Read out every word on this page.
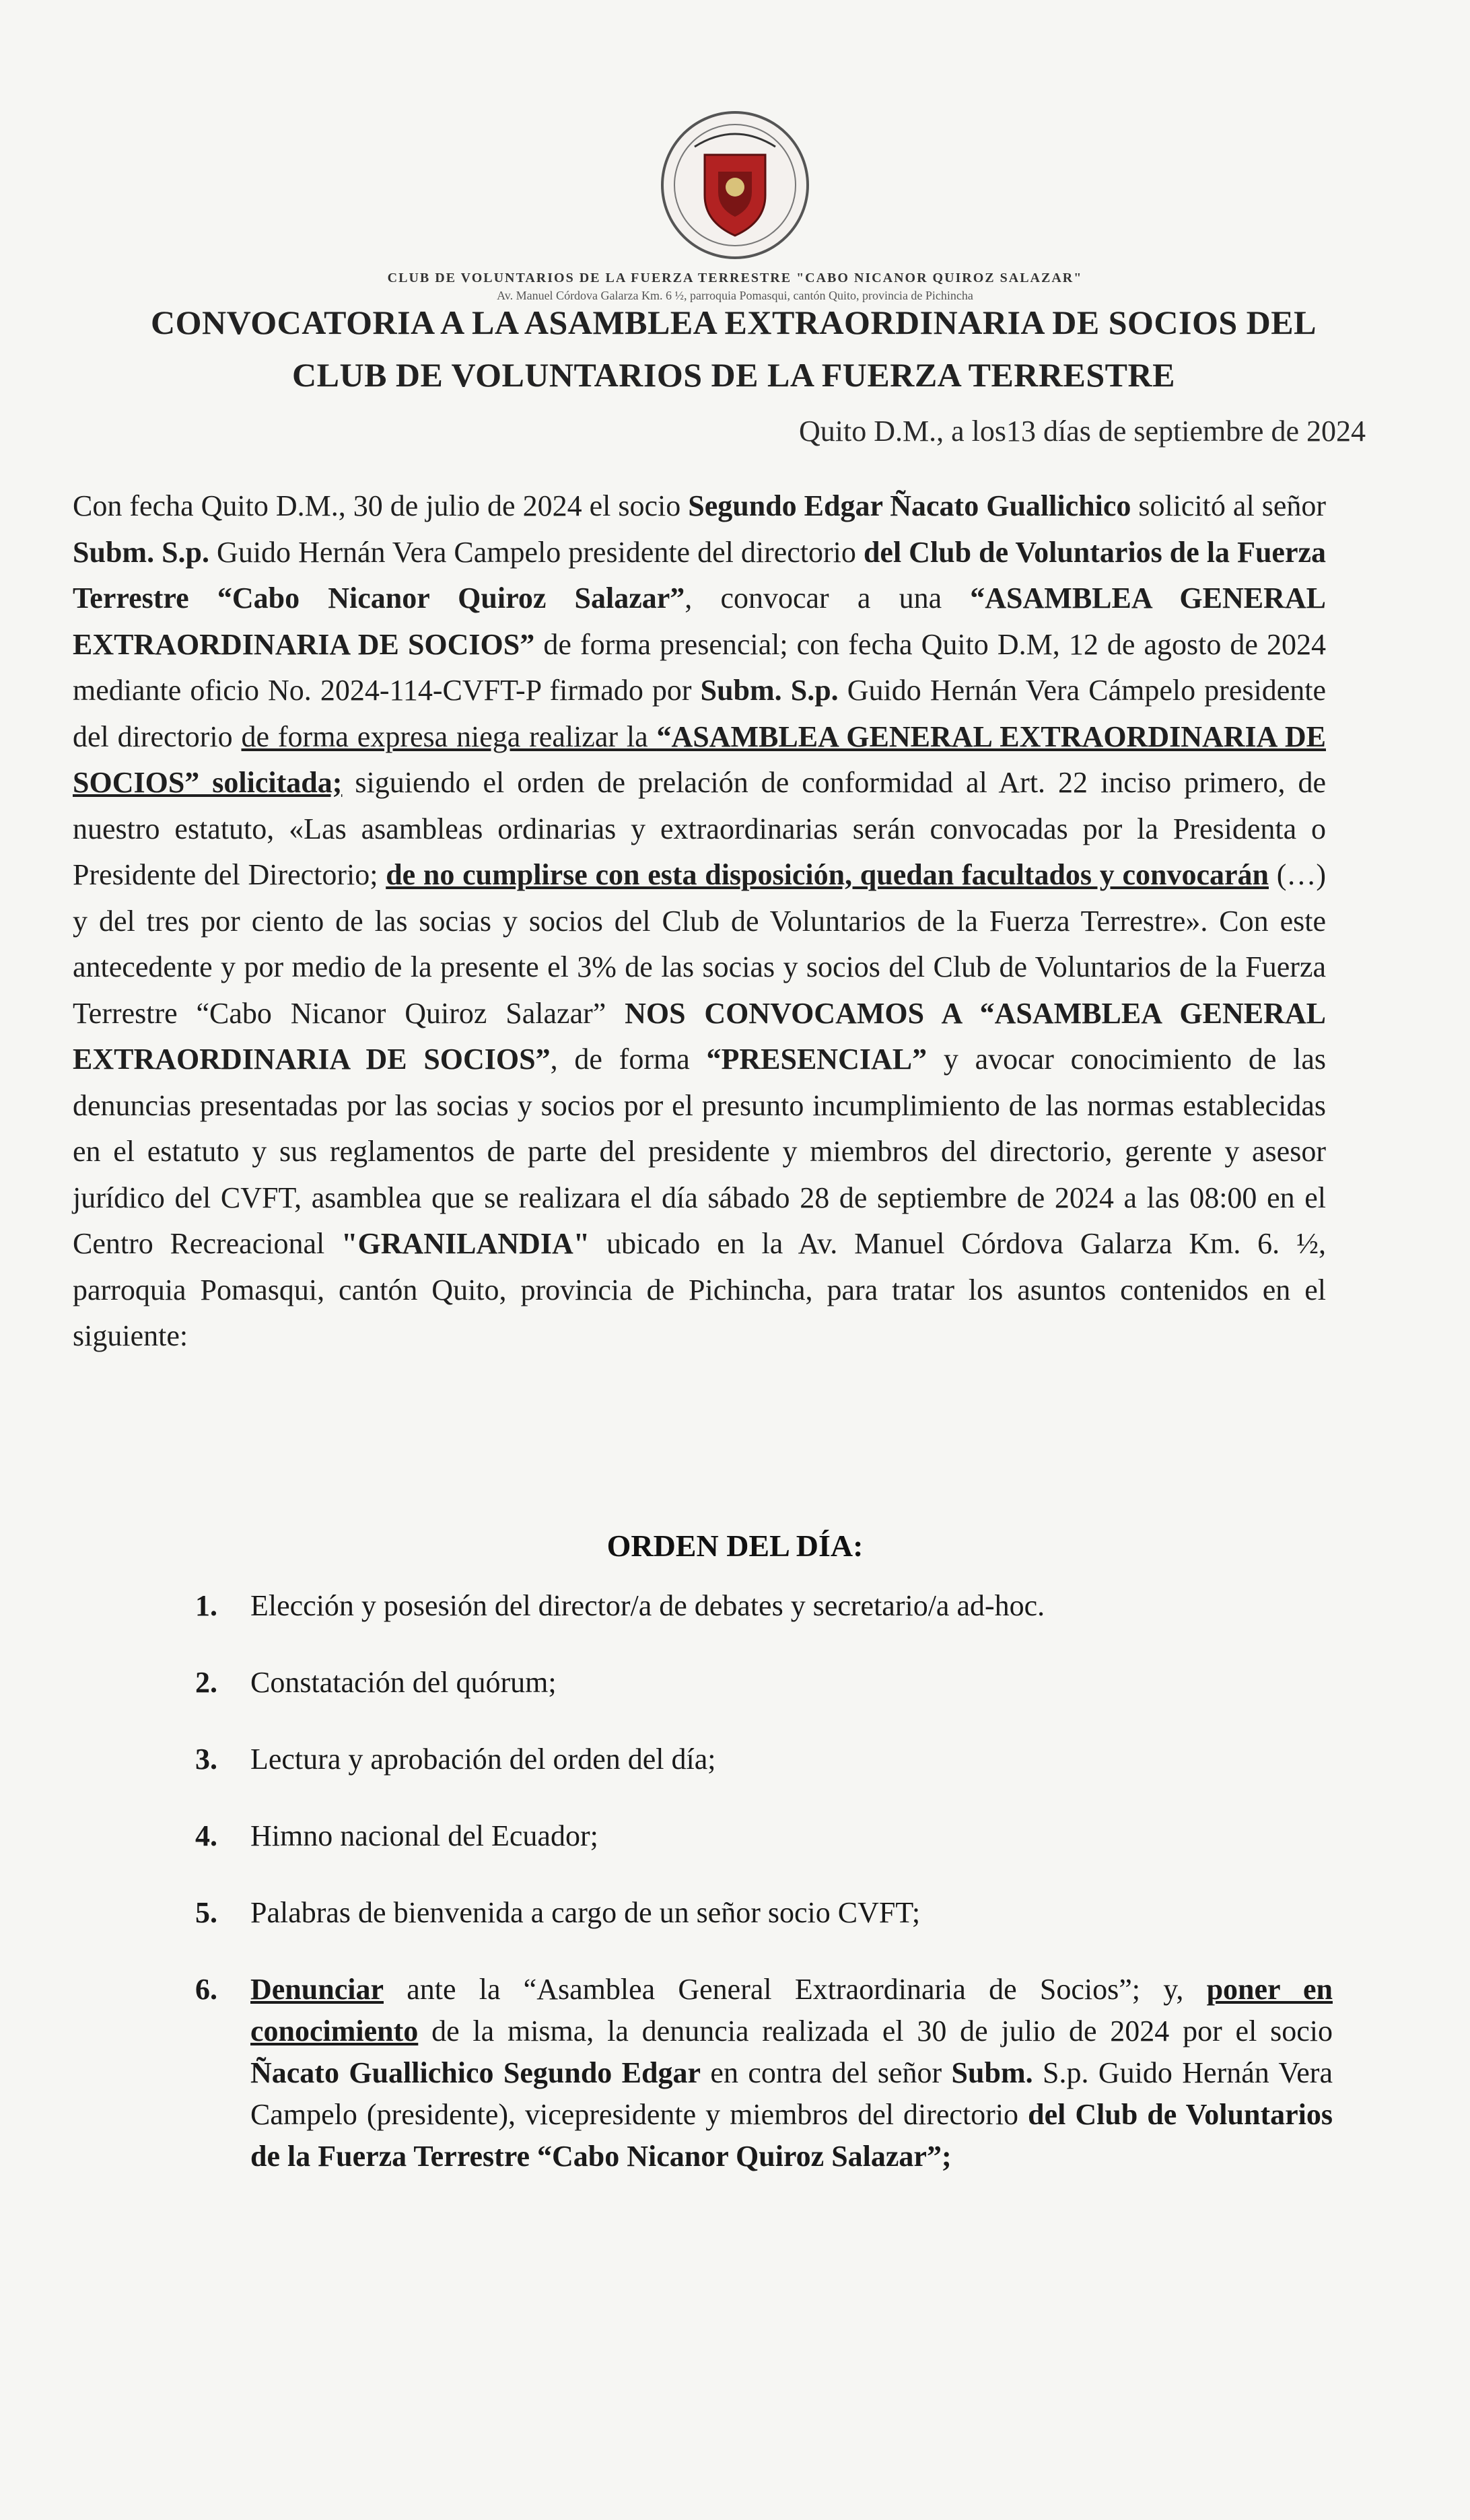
CLUB DE VOLUNTARIOS DE LA FUERZA TERRESTRE "CABO NICANOR QUIROZ SALAZAR"
Av. Manuel Córdova Galarza Km. 6 ½, parroquia Pomasqui, cantón Quito, provincia de Pichincha
CONVOCATORIA A LA ASAMBLEA EXTRAORDINARIA DE SOCIOS DEL
CLUB DE VOLUNTARIOS DE LA FUERZA TERRESTRE
Quito D.M., a los13 días de septiembre de 2024

Con fecha Quito D.M., 30 de julio de 2024 el socio Segundo Edgar Ñacato Guallichico solicitó al señor Subm. S.p. Guido Hernán Vera Campelo presidente del directorio del Club de Voluntarios de la Fuerza Terrestre “Cabo Nicanor Quiroz Salazar”, convocar a una “ASAMBLEA GENERAL EXTRAORDINARIA DE SOCIOS” de forma presencial; con fecha Quito D.M, 12 de agosto de 2024 mediante oficio No. 2024-114-CVFT-P firmado por Subm. S.p. Guido Hernán Vera Cámpelo presidente del directorio de forma expresa niega realizar la “ASAMBLEA GENERAL EXTRAORDINARIA DE SOCIOS” solicitada; siguiendo el orden de prelación de conformidad al Art. 22 inciso primero, de nuestro estatuto, «Las asambleas ordinarias y extraordinarias serán convocadas por la Presidenta o Presidente del Directorio; de no cumplirse con esta disposición, quedan facultados y convocarán (…) y del tres por ciento de las socias y socios del Club de Voluntarios de la Fuerza Terrestre». Con este antecedente y por medio de la presente el 3% de las socias y socios del Club de Voluntarios de la Fuerza Terrestre “Cabo Nicanor Quiroz Salazar” NOS CONVOCAMOS A “ASAMBLEA GENERAL EXTRAORDINARIA DE SOCIOS”, de forma “PRESENCIAL” y avocar conocimiento de las denuncias presentadas por las socias y socios por el presunto incumplimiento de las normas establecidas en el estatuto y sus reglamentos de parte del presidente y miembros del directorio, gerente y asesor jurídico del CVFT, asamblea que se realizara el día sábado 28 de septiembre de 2024 a las 08:00 en el Centro Recreacional "GRANILANDIA" ubicado en la Av. Manuel Córdova Galarza Km. 6. ½, parroquia Pomasqui, cantón Quito, provincia de Pichincha, para tratar los asuntos contenidos en el siguiente:

ORDEN DEL DÍA:
1. Elección y posesión del director/a de debates y secretario/a ad-hoc.
2. Constatación del quórum;
3. Lectura y aprobación del orden del día;
4. Himno nacional del Ecuador;
5. Palabras de bienvenida a cargo de un señor socio CVFT;
6. Denunciar ante la “Asamblea General Extraordinaria de Socios”; y, poner en conocimiento de la misma, la denuncia realizada el 30 de julio de 2024 por el socio Ñacato Guallichico Segundo Edgar en contra del señor Subm. S.p. Guido Hernán Vera Campelo (presidente), vicepresidente y miembros del directorio del Club de Voluntarios de la Fuerza Terrestre “Cabo Nicanor Quiroz Salazar”;
